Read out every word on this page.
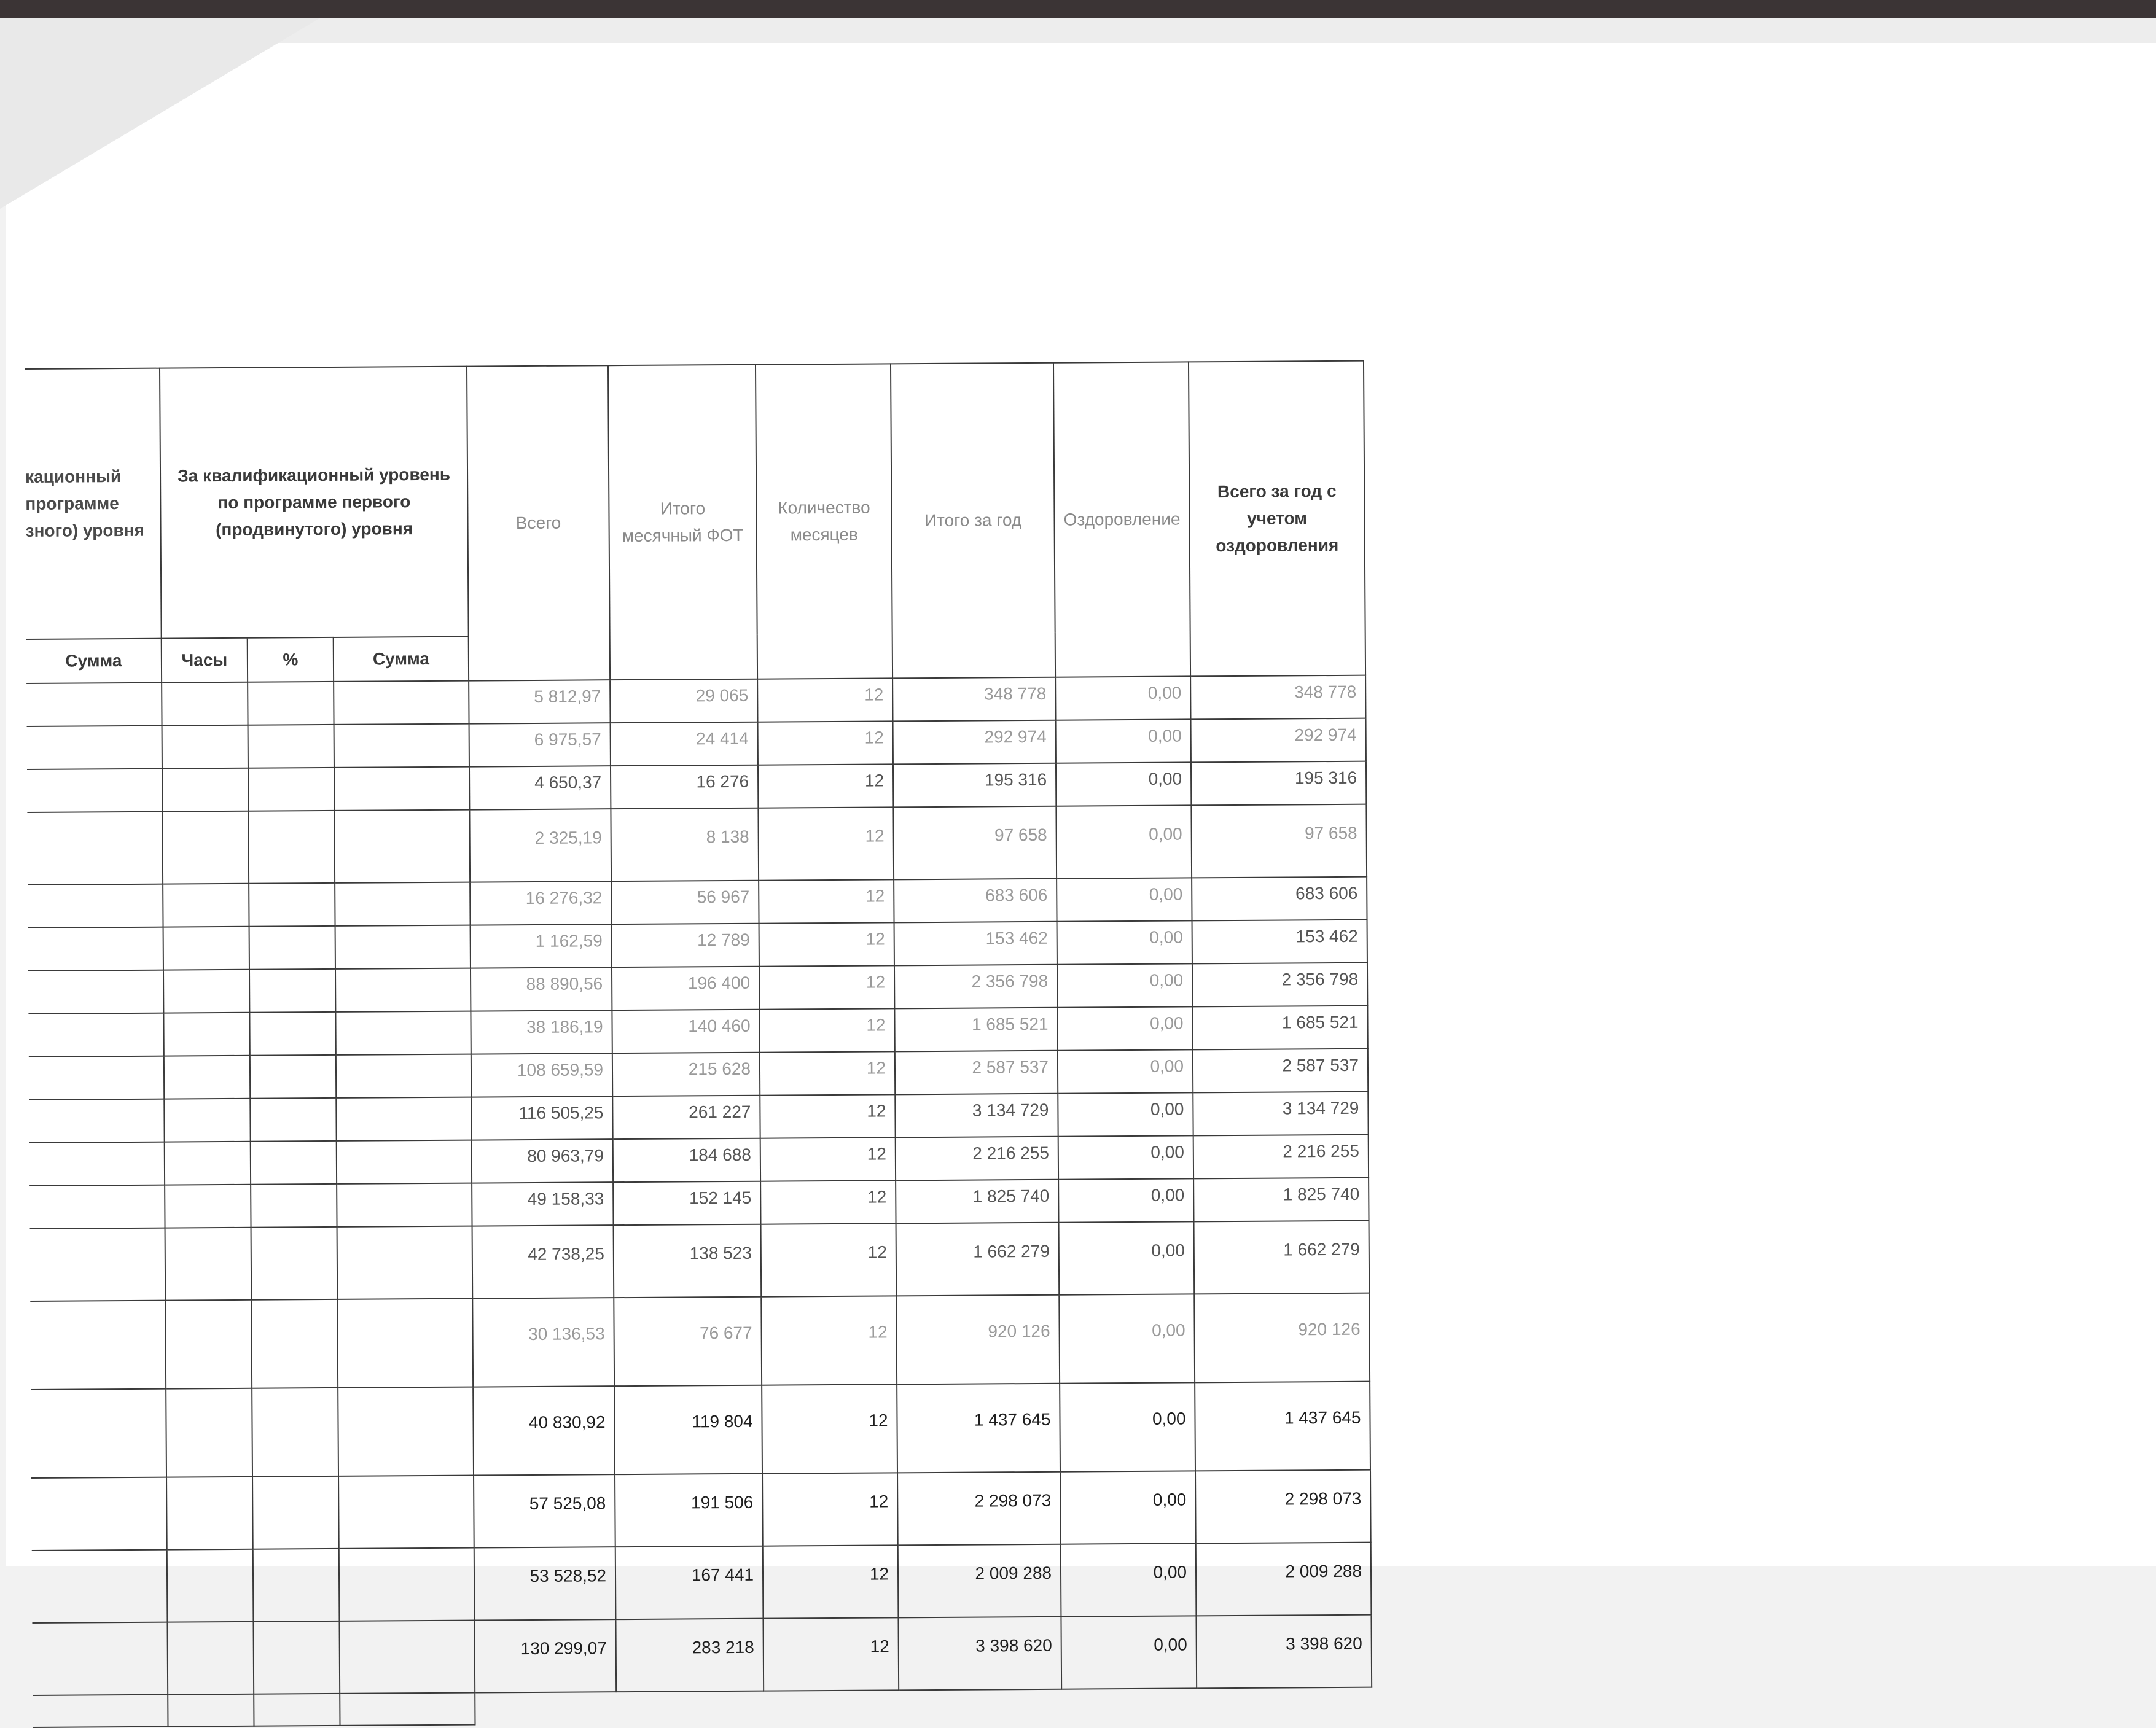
кационный программе зного) уровня	За квалификационный уровень по программе первого (продвинутого) уровня			Всего	Итого месячный ФОТ	Количество месяцев	Итого за год	Оздоровление	Всего за год с учетом оздоровления
Сумма	Часы	%	Сумма						
				5 812,97	29 065	12	348 778	0,00	348 778
				6 975,57	24 414	12	292 974	0,00	292 974
				4 650,37	16 276	12	195 316	0,00	195 316
				2 325,19	8 138	12	97 658	0,00	97 658
				16 276,32	56 967	12	683 606	0,00	683 606
				1 162,59	12 789	12	153 462	0,00	153 462
				88 890,56	196 400	12	2 356 798	0,00	2 356 798
				38 186,19	140 460	12	1 685 521	0,00	1 685 521
				108 659,59	215 628	12	2 587 537	0,00	2 587 537
				116 505,25	261 227	12	3 134 729	0,00	3 134 729
				80 963,79	184 688	12	2 216 255	0,00	2 216 255
				49 158,33	152 145	12	1 825 740	0,00	1 825 740
				42 738,25	138 523	12	1 662 279	0,00	1 662 279
				30 136,53	76 677	12	920 126	0,00	920 126
				40 830,92	119 804	12	1 437 645	0,00	1 437 645
				57 525,08	191 506	12	2 298 073	0,00	2 298 073
				53 528,52	167 441	12	2 009 288	0,00	2 009 288
				130 299,07	283 218	12	3 398 620	0,00	3 398 620
